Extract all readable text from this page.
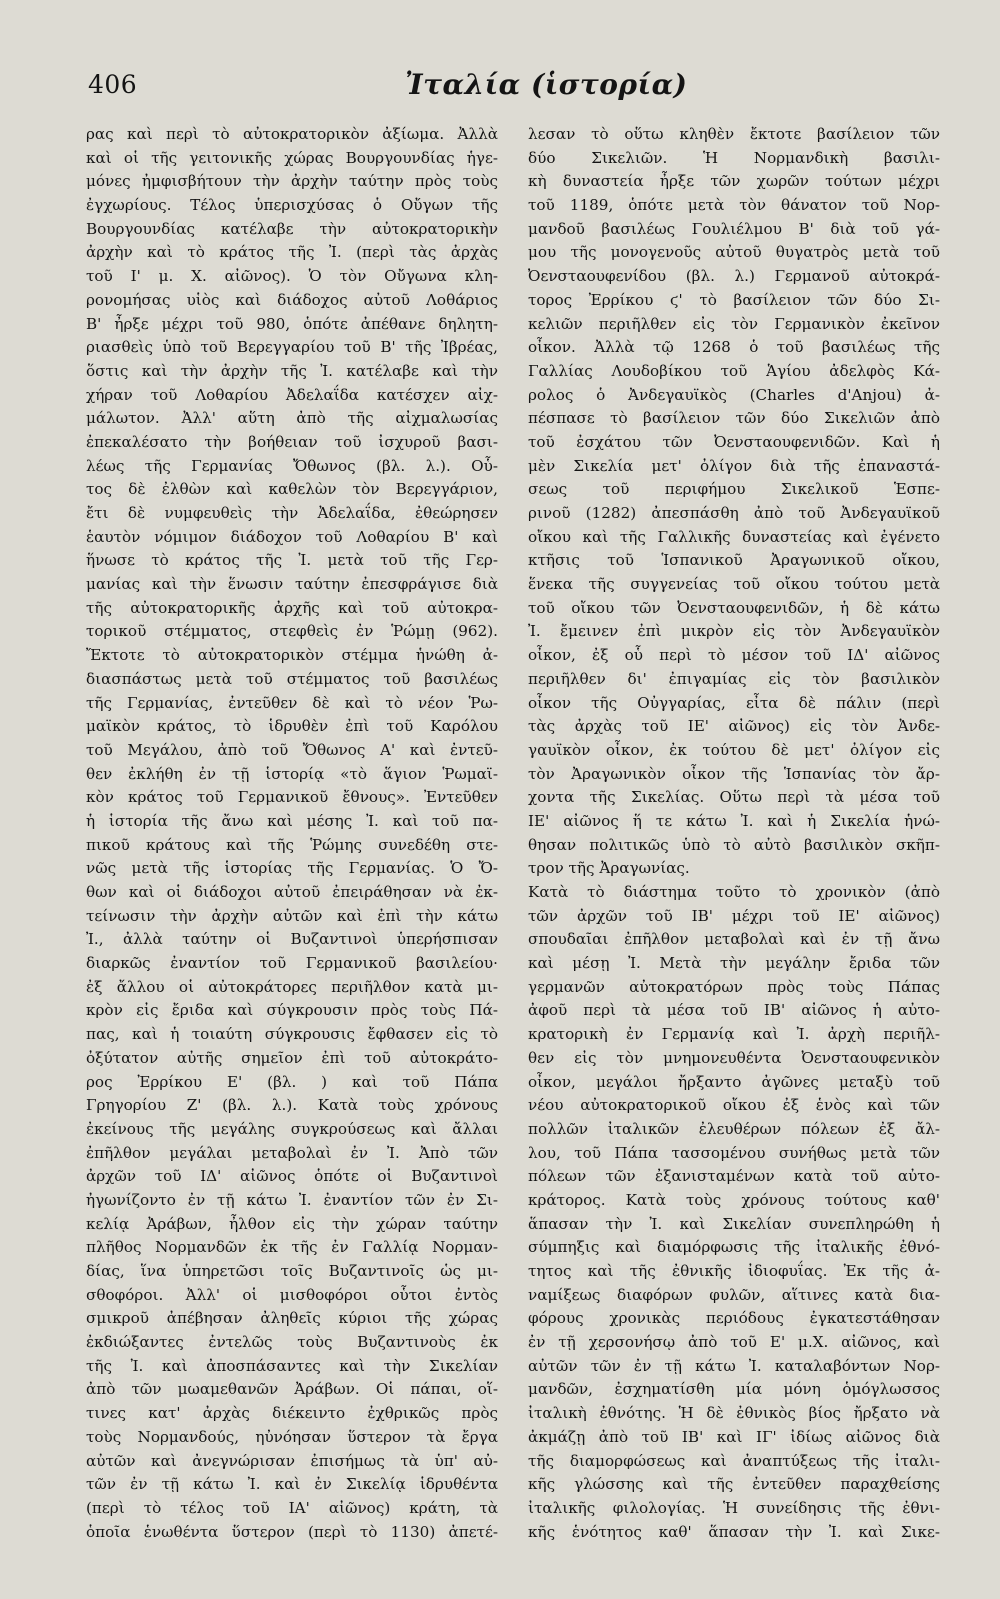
406	Ἰταλία (ἱστορία)
ρας καὶ περὶ τὸ αὐτοκρατορικὸν ἀξίωμα. Ἀλλὰ
καὶ οἱ τῆς γειτονικῆς χώρας Βουργουνδίας ἡγε-
μόνες ἠμφισβήτουν τὴν ἀρχὴν ταύτην πρὸς τοὺς
ἐγχωρίους. Τέλος ὑπερισχύσας ὁ Οὔγων τῆς
Βουργουνδίας κατέλαβε τὴν αὐτοκρατορικὴν
ἀρχὴν καὶ τὸ κράτος τῆς Ἰ. (περὶ τὰς ἀρχὰς
τοῦ Ι' μ. Χ. αἰῶνος). Ὁ τὸν Οὔγωνα κλη-
ρονομήσας υἱὸς καὶ διάδοχος αὐτοῦ Λοθάριος
Β' ἦρξε μέχρι τοῦ 980, ὁπότε ἀπέθανε δηλητη-
ριασθεὶς ὑπὸ τοῦ Βερεγγαρίου τοῦ Β' τῆς Ἰβρέας,
ὅστις καὶ τὴν ἀρχὴν τῆς Ἰ. κατέλαβε καὶ τὴν
χήραν τοῦ Λοθαρίου Ἀδελαΐδα κατέσχεν αἰχ-
μάλωτον. Ἀλλ' αὕτη ἀπὸ τῆς αἰχμαλωσίας
ἐπεκαλέσατο τὴν βοήθειαν τοῦ ἰσχυροῦ βασι-
λέως τῆς Γερμανίας Ὄθωνος (βλ. λ.). Οὗ-
τος δὲ ἐλθὼν καὶ καθελὼν τὸν Βερεγγάριον,
ἔτι δὲ νυμφευθεὶς τὴν Ἀδελαΐδα, ἐθεώρησεν
ἑαυτὸν νόμιμον διάδοχον τοῦ Λοθαρίου Β' καὶ
ἥνωσε τὸ κράτος τῆς Ἰ. μετὰ τοῦ τῆς Γερ-
μανίας καὶ τὴν ἕνωσιν ταύτην ἐπεσφράγισε διὰ
τῆς αὐτοκρατορικῆς ἀρχῆς καὶ τοῦ αὐτοκρα-
τορικοῦ στέμματος, στεφθεὶς ἐν Ῥώμῃ (962).
Ἔκτοτε τὸ αὐτοκρατορικὸν στέμμα ἡνώθη ἀ-
διασπάστως μετὰ τοῦ στέμματος τοῦ βασιλέως
τῆς Γερμανίας, ἐντεῦθεν δὲ καὶ τὸ νέον Ῥω-
μαϊκὸν κράτος, τὸ ἱδρυθὲν ἐπὶ τοῦ Καρόλου
τοῦ Μεγάλου, ἀπὸ τοῦ Ὄθωνος Α' καὶ ἐντεῦ-
θεν ἐκλήθη ἐν τῇ ἱστορίᾳ «τὸ ἅγιον Ῥωμαϊ-
κὸν κράτος τοῦ Γερμανικοῦ ἔθνους». Ἐντεῦθεν
ἡ ἱστορία τῆς ἄνω καὶ μέσης Ἰ. καὶ τοῦ πα-
πικοῦ κράτους καὶ τῆς Ῥώμης συνεδέθη στε-
νῶς μετὰ τῆς ἱστορίας τῆς Γερμανίας. Ὁ Ὄ-
θων καὶ οἱ διάδοχοι αὐτοῦ ἐπειράθησαν νὰ ἐκ-
τείνωσιν τὴν ἀρχὴν αὐτῶν καὶ ἐπὶ τὴν κάτω
Ἰ., ἀλλὰ ταύτην οἱ Βυζαντινοὶ ὑπερήσπισαν
διαρκῶς ἐναντίον τοῦ Γερμανικοῦ βασιλείου·
ἐξ ἄλλου οἱ αὐτοκράτορες περιῆλθον κατὰ μι-
κρὸν εἰς ἔριδα καὶ σύγκρουσιν πρὸς τοὺς Πά-
πας, καὶ ἡ τοιαύτη σύγκρουσις ἔφθασεν εἰς τὸ
ὀξύτατον αὐτῆς σημεῖον ἐπὶ τοῦ αὐτοκράτο-
ρος Ἐρρίκου Ε' (βλ. ) καὶ τοῦ Πάπα
Γρηγορίου Ζ' (βλ. λ.). Κατὰ τοὺς χρόνους
ἐκείνους τῆς μεγάλης συγκρούσεως καὶ ἄλλαι
ἐπῆλθον μεγάλαι μεταβολαὶ ἐν Ἰ. Ἀπὸ τῶν
ἀρχῶν τοῦ ΙΔ' αἰῶνος ὁπότε οἱ Βυζαντινοὶ
ἠγωνίζοντο ἐν τῇ κάτω Ἰ. ἐναντίον τῶν ἐν Σι-
κελίᾳ Ἀράβων, ἦλθον εἰς τὴν χώραν ταύτην
πλῆθος Νορμανδῶν ἐκ τῆς ἐν Γαλλίᾳ Νορμαν-
δίας, ἵνα ὑπηρετῶσι τοῖς Βυζαντινοῖς ὡς μι-
σθοφόροι. Ἀλλ' οἱ μισθοφόροι οὗτοι ἐντὸς
σμικροῦ ἀπέβησαν ἀληθεῖς κύριοι τῆς χώρας
ἐκδιώξαντες ἐντελῶς τοὺς Βυζαντινοὺς ἐκ
τῆς Ἰ. καὶ ἀποσπάσαντες καὶ τὴν Σικελίαν
ἀπὸ τῶν μωαμεθανῶν Ἀράβων. Οἱ πάπαι, οἵ-
τινες κατ' ἀρχὰς διέκειντο ἐχθρικῶς πρὸς
τοὺς Νορμανδούς, ηὐνόησαν ὕστερον τὰ ἔργα
αὐτῶν καὶ ἀνεγνώρισαν ἐπισήμως τὰ ὑπ' αὐ-
τῶν ἐν τῇ κάτω Ἰ. καὶ ἐν Σικελίᾳ ἱδρυθέντα
(περὶ τὸ τέλος τοῦ ΙΑ' αἰῶνος) κράτη, τὰ
ὁποῖα ἑνωθέντα ὕστερον (περὶ τὸ 1130) ἀπετέ-
λεσαν τὸ οὕτω κληθὲν ἔκτοτε βασίλειον τῶν
δύο Σικελιῶν. Ἡ Νορμανδικὴ βασιλι-
κὴ δυναστεία ἦρξε τῶν χωρῶν τούτων μέχρι
τοῦ 1189, ὁπότε μετὰ τὸν θάνατον τοῦ Νορ-
μανδοῦ βασιλέως Γουλιέλμου Β' διὰ τοῦ γά-
μου τῆς μονογενοῦς αὐτοῦ θυγατρὸς μετὰ τοῦ
Ὀενσταουφενίδου (βλ. λ.) Γερμανοῦ αὐτοκρά-
τορος Ἐρρίκου ϛ' τὸ βασίλειον τῶν δύο Σι-
κελιῶν περιῆλθεν εἰς τὸν Γερμανικὸν ἐκεῖνον
οἶκον. Ἀλλὰ τῷ 1268 ὁ τοῦ βασιλέως τῆς
Γαλλίας Λουδοβίκου τοῦ Ἁγίου ἀδελφὸς Κά-
ρολος ὁ Ἀνδεγαυϊκὸς (Charles d'Anjou) ἀ-
πέσπασε τὸ βασίλειον τῶν δύο Σικελιῶν ἀπὸ
τοῦ ἐσχάτου τῶν Ὀενσταουφενιδῶν. Καὶ ἡ
μὲν Σικελία μετ' ὀλίγον διὰ τῆς ἐπαναστά-
σεως τοῦ περιφήμου Σικελικοῦ Ἑσπε-
ρινοῦ (1282) ἀπεσπάσθη ἀπὸ τοῦ Ἀνδεγαυϊκοῦ
οἴκου καὶ τῆς Γαλλικῆς δυναστείας καὶ ἐγένετο
κτῆσις τοῦ Ἱσπανικοῦ Ἀραγωνικοῦ οἴκου,
ἕνεκα τῆς συγγενείας τοῦ οἴκου τούτου μετὰ
τοῦ οἴκου τῶν Ὀενσταουφενιδῶν, ἡ δὲ κάτω
Ἰ. ἔμεινεν ἐπὶ μικρὸν εἰς τὸν Ἀνδεγαυϊκὸν
οἶκον, ἐξ οὗ περὶ τὸ μέσον τοῦ ΙΔ' αἰῶνος
περιῆλθεν δι' ἐπιγαμίας εἰς τὸν βασιλικὸν
οἶκον τῆς Οὐγγαρίας, εἶτα δὲ πάλιν (περὶ
τὰς ἀρχὰς τοῦ ΙΕ' αἰῶνος) εἰς τὸν Ἀνδε-
γαυϊκὸν οἶκον, ἐκ τούτου δὲ μετ' ὀλίγον εἰς
τὸν Ἀραγωνικὸν οἶκον τῆς Ἱσπανίας τὸν ἄρ-
χοντα τῆς Σικελίας. Οὕτω περὶ τὰ μέσα τοῦ
ΙΕ' αἰῶνος ἥ τε κάτω Ἰ. καὶ ἡ Σικελία ἡνώ-
θησαν πολιτικῶς ὑπὸ τὸ αὐτὸ βασιλικὸν σκῆπ-
τρον τῆς Ἀραγωνίας.
Κατὰ τὸ διάστημα τοῦτο τὸ χρονικὸν (ἀπὸ
τῶν ἀρχῶν τοῦ ΙΒ' μέχρι τοῦ ΙΕ' αἰῶνος)
σπουδαῖαι ἐπῆλθον μεταβολαὶ καὶ ἐν τῇ ἄνω
καὶ μέσῃ Ἰ. Μετὰ τὴν μεγάλην ἔριδα τῶν
γερμανῶν αὐτοκρατόρων πρὸς τοὺς Πάπας
ἀφοῦ περὶ τὰ μέσα τοῦ ΙΒ' αἰῶνος ἡ αὐτο-
κρατορικὴ ἐν Γερμανίᾳ καὶ Ἰ. ἀρχὴ περιῆλ-
θεν εἰς τὸν μνημονευθέντα Ὀενσταουφενικὸν
οἶκον, μεγάλοι ἤρξαντο ἀγῶνες μεταξὺ τοῦ
νέου αὐτοκρατορικοῦ οἴκου ἐξ ἑνὸς καὶ τῶν
πολλῶν ἰταλικῶν ἐλευθέρων πόλεων ἐξ ἄλ-
λου, τοῦ Πάπα τασσομένου συνήθως μετὰ τῶν
πόλεων τῶν ἐξανισταμένων κατὰ τοῦ αὐτο-
κράτορος. Κατὰ τοὺς χρόνους τούτους καθ'
ἅπασαν τὴν Ἰ. καὶ Σικελίαν συνεπληρώθη ἡ
σύμπηξις καὶ διαμόρφωσις τῆς ἰταλικῆς ἐθνό-
τητος καὶ τῆς ἐθνικῆς ἰδιοφυΐας. Ἐκ τῆς ἀ-
ναμίξεως διαφόρων φυλῶν, αἵτινες κατὰ δια-
φόρους χρονικὰς περιόδους ἐγκατεστάθησαν
ἐν τῇ χερσονήσῳ ἀπὸ τοῦ Ε' μ.Χ. αἰῶνος, καὶ
αὐτῶν τῶν ἐν τῇ κάτω Ἰ. καταλαβόντων Νορ-
μανδῶν, ἐσχηματίσθη μία μόνη ὁμόγλωσσος
ἰταλικὴ ἐθνότης. Ἡ δὲ ἐθνικὸς βίος ἤρξατο νὰ
ἀκμάζῃ ἀπὸ τοῦ ΙΒ' καὶ ΙΓ' ἰδίως αἰῶνος διὰ
τῆς διαμορφώσεως καὶ ἀναπτύξεως τῆς ἰταλι-
κῆς γλώσσης καὶ τῆς ἐντεῦθεν παραχθείσης
ἰταλικῆς φιλολογίας. Ἡ συνείδησις τῆς ἐθνι-
κῆς ἑνότητος καθ' ἅπασαν τὴν Ἰ. καὶ Σικε-
